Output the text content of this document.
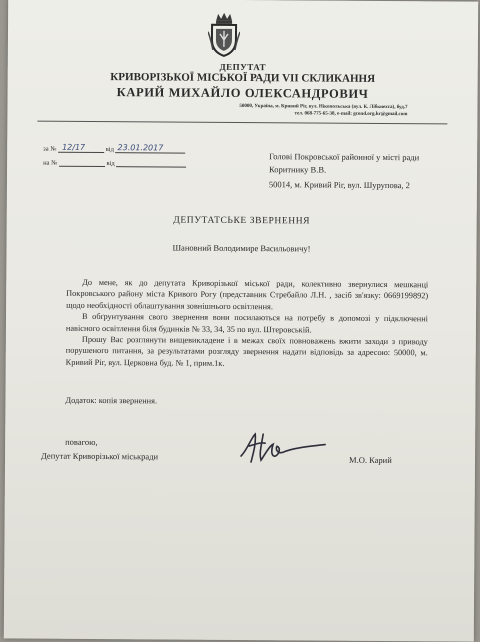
ДЕПУТАТ
КРИВОРІЗЬКОЇ МІСЬКОЇ РАДИ VII СКЛИКАННЯ
КАРИЙ МИХАЙЛО ОЛЕКСАНДРОВИЧ
50000, Україна, м. Кривий Ріг, вул. Нікопольська (вул. К. Лібкнехта), буд.7
тел. 068-775-65-38, e-mail: gcond.org.kr@gmail.com
за № 12/17	від 23.01.2017
на №	від
Голові Покровської районної у місті ради
Коритнику В.В.
50014, м. Кривий Ріг, вул. Шурупова, 2
ДЕПУТАТСЬКЕ ЗВЕРНЕННЯ
Шановний Володимире Васильовичу!

До мене, як до депутата Криворізької міської ради, колективно звернулися мешканці Покровського району міста Кривого Рогу (представник Стребайло Л.Н. , засіб зв'язку: 0669199892) щодо необхідності облаштування зовнішнього освітлення.

В обґрунтування свого звернення вони посилаються на потребу в допомозі у підключенні навісного освітлення біля будинків № 33, 34, 35 по вул. Штеровській.

Прошу Вас розглянути вищевикладене і в межах своїх повноважень вжити заходи з приводу порушеного питання, за результатами розгляду звернення надати відповідь за адресою: 50000, м. Кривий Ріг, вул. Церковна буд. № 1, прим.1к.

Додаток: копія звернення.
повагою,
Депутат Криворізької міськради	М.О. Карий
